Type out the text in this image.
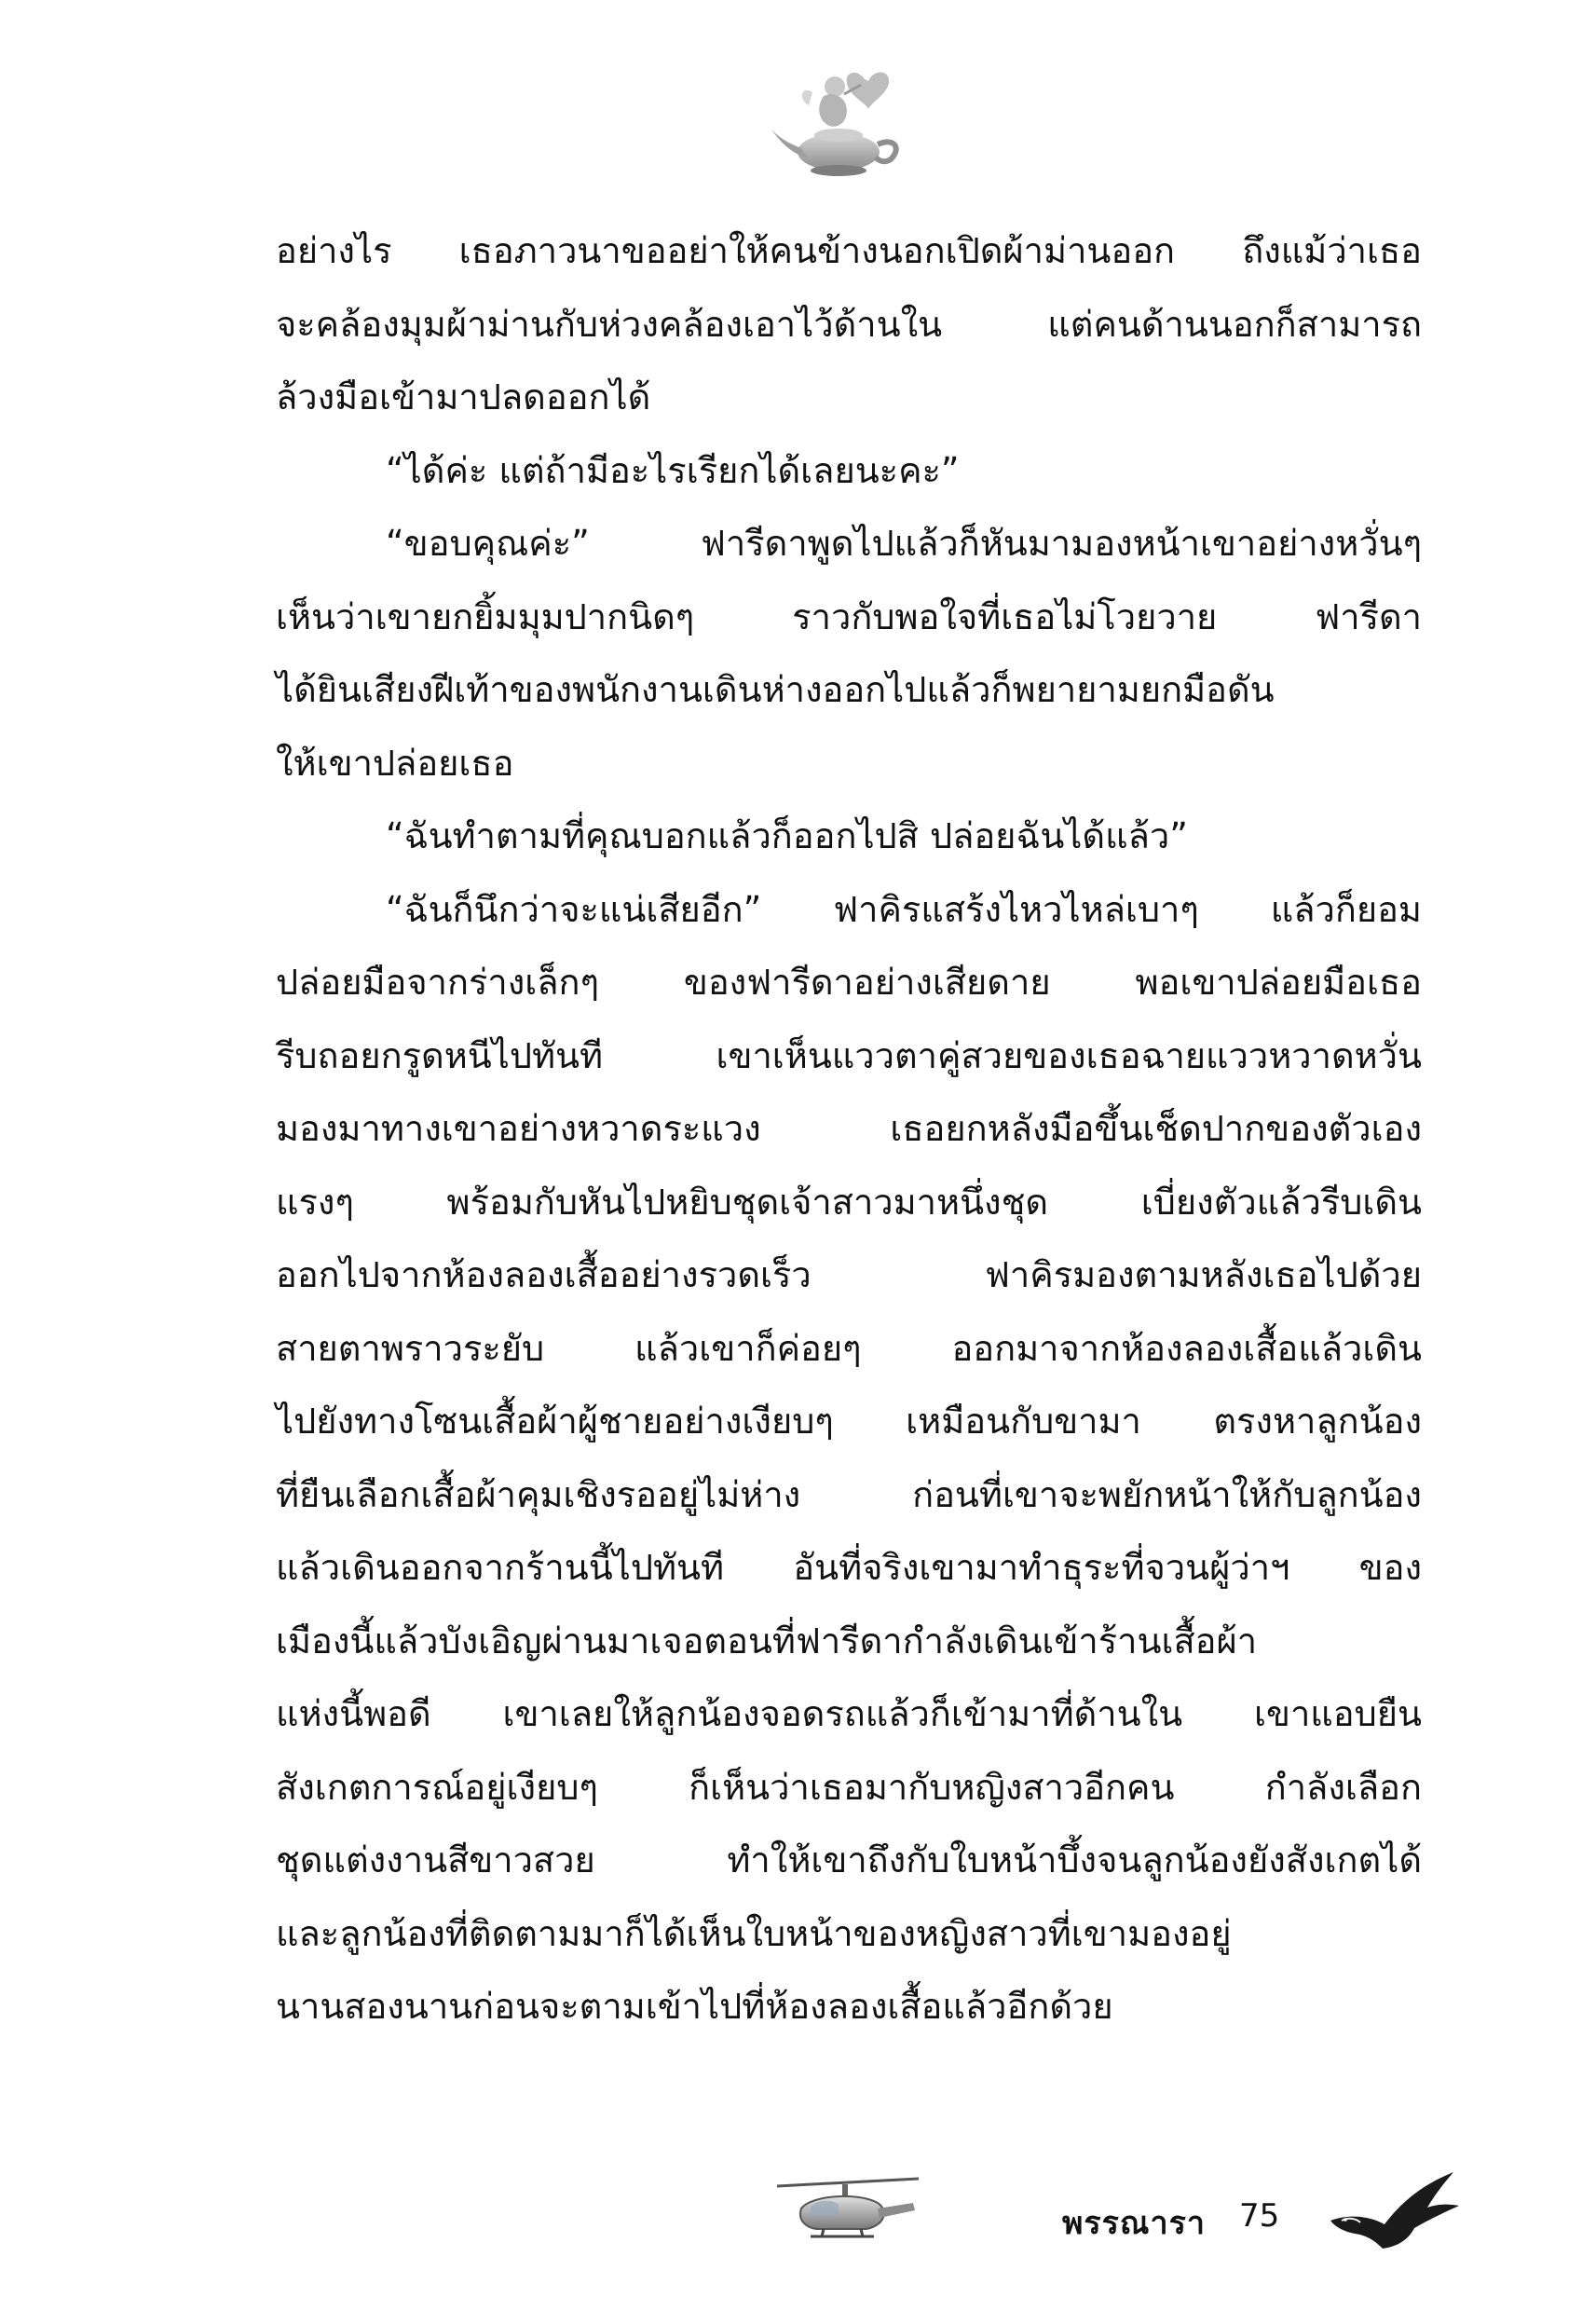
อย่างไร เธอภาวนาขออย่าให้คนข้างนอกเปิดผ้าม่านออก ถึงแม้ว่าเธอ
จะคล้องมุมผ้าม่านกับห่วงคล้องเอาไว้ด้านใน แต่คนด้านนอกก็สามารถ
ล้วงมือเข้ามาปลดออกได้
“ได้ค่ะ แต่ถ้ามีอะไรเรียกได้เลยนะคะ”
“ขอบคุณค่ะ” ฟารีดาพูดไปแล้วก็หันมามองหน้าเขาอย่างหวั่นๆ
เห็นว่าเขายกยิ้มมุมปากนิดๆ ราวกับพอใจที่เธอไม่โวยวาย ฟารีดา
ได้ยินเสียงฝีเท้าของพนักงานเดินห่างออกไปแล้วก็พยายามยกมือดัน
ให้เขาปล่อยเธอ
“ฉันทำตามที่คุณบอกแล้วก็ออกไปสิ ปล่อยฉันได้แล้ว”
“ฉันก็นึกว่าจะแน่เสียอีก” ฟาคิรแสร้งไหวไหล่เบาๆ แล้วก็ยอม
ปล่อยมือจากร่างเล็กๆ ของฟารีดาอย่างเสียดาย พอเขาปล่อยมือเธอ
รีบถอยกรูดหนีไปทันที เขาเห็นแววตาคู่สวยของเธอฉายแววหวาดหวั่น
มองมาทางเขาอย่างหวาดระแวง เธอยกหลังมือขึ้นเช็ดปากของตัวเอง
แรงๆ พร้อมกับหันไปหยิบชุดเจ้าสาวมาหนึ่งชุด เบี่ยงตัวแล้วรีบเดิน
ออกไปจากห้องลองเสื้ออย่างรวดเร็ว ฟาคิรมองตามหลังเธอไปด้วย
สายตาพราวระยับ แล้วเขาก็ค่อยๆ ออกมาจากห้องลองเสื้อแล้วเดิน
ไปยังทางโซนเสื้อผ้าผู้ชายอย่างเงียบๆ เหมือนกับขามา ตรงหาลูกน้อง
ที่ยืนเลือกเสื้อผ้าคุมเชิงรออยู่ไม่ห่าง ก่อนที่เขาจะพยักหน้าให้กับลูกน้อง
แล้วเดินออกจากร้านนี้ไปทันที อันที่จริงเขามาทำธุระที่จวนผู้ว่าฯ ของ
เมืองนี้แล้วบังเอิญผ่านมาเจอตอนที่ฟารีดากำลังเดินเข้าร้านเสื้อผ้า
แห่งนี้พอดี เขาเลยให้ลูกน้องจอดรถแล้วก็เข้ามาที่ด้านใน เขาแอบยืน
สังเกตการณ์อยู่เงียบๆ ก็เห็นว่าเธอมากับหญิงสาวอีกคน กำลังเลือก
ชุดแต่งงานสีขาวสวย ทำให้เขาถึงกับใบหน้าบึ้งจนลูกน้องยังสังเกตได้
และลูกน้องที่ติดตามมาก็ได้เห็นใบหน้าของหญิงสาวที่เขามองอยู่
นานสองนานก่อนจะตามเข้าไปที่ห้องลองเสื้อแล้วอีกด้วย
พรรณารา 75
